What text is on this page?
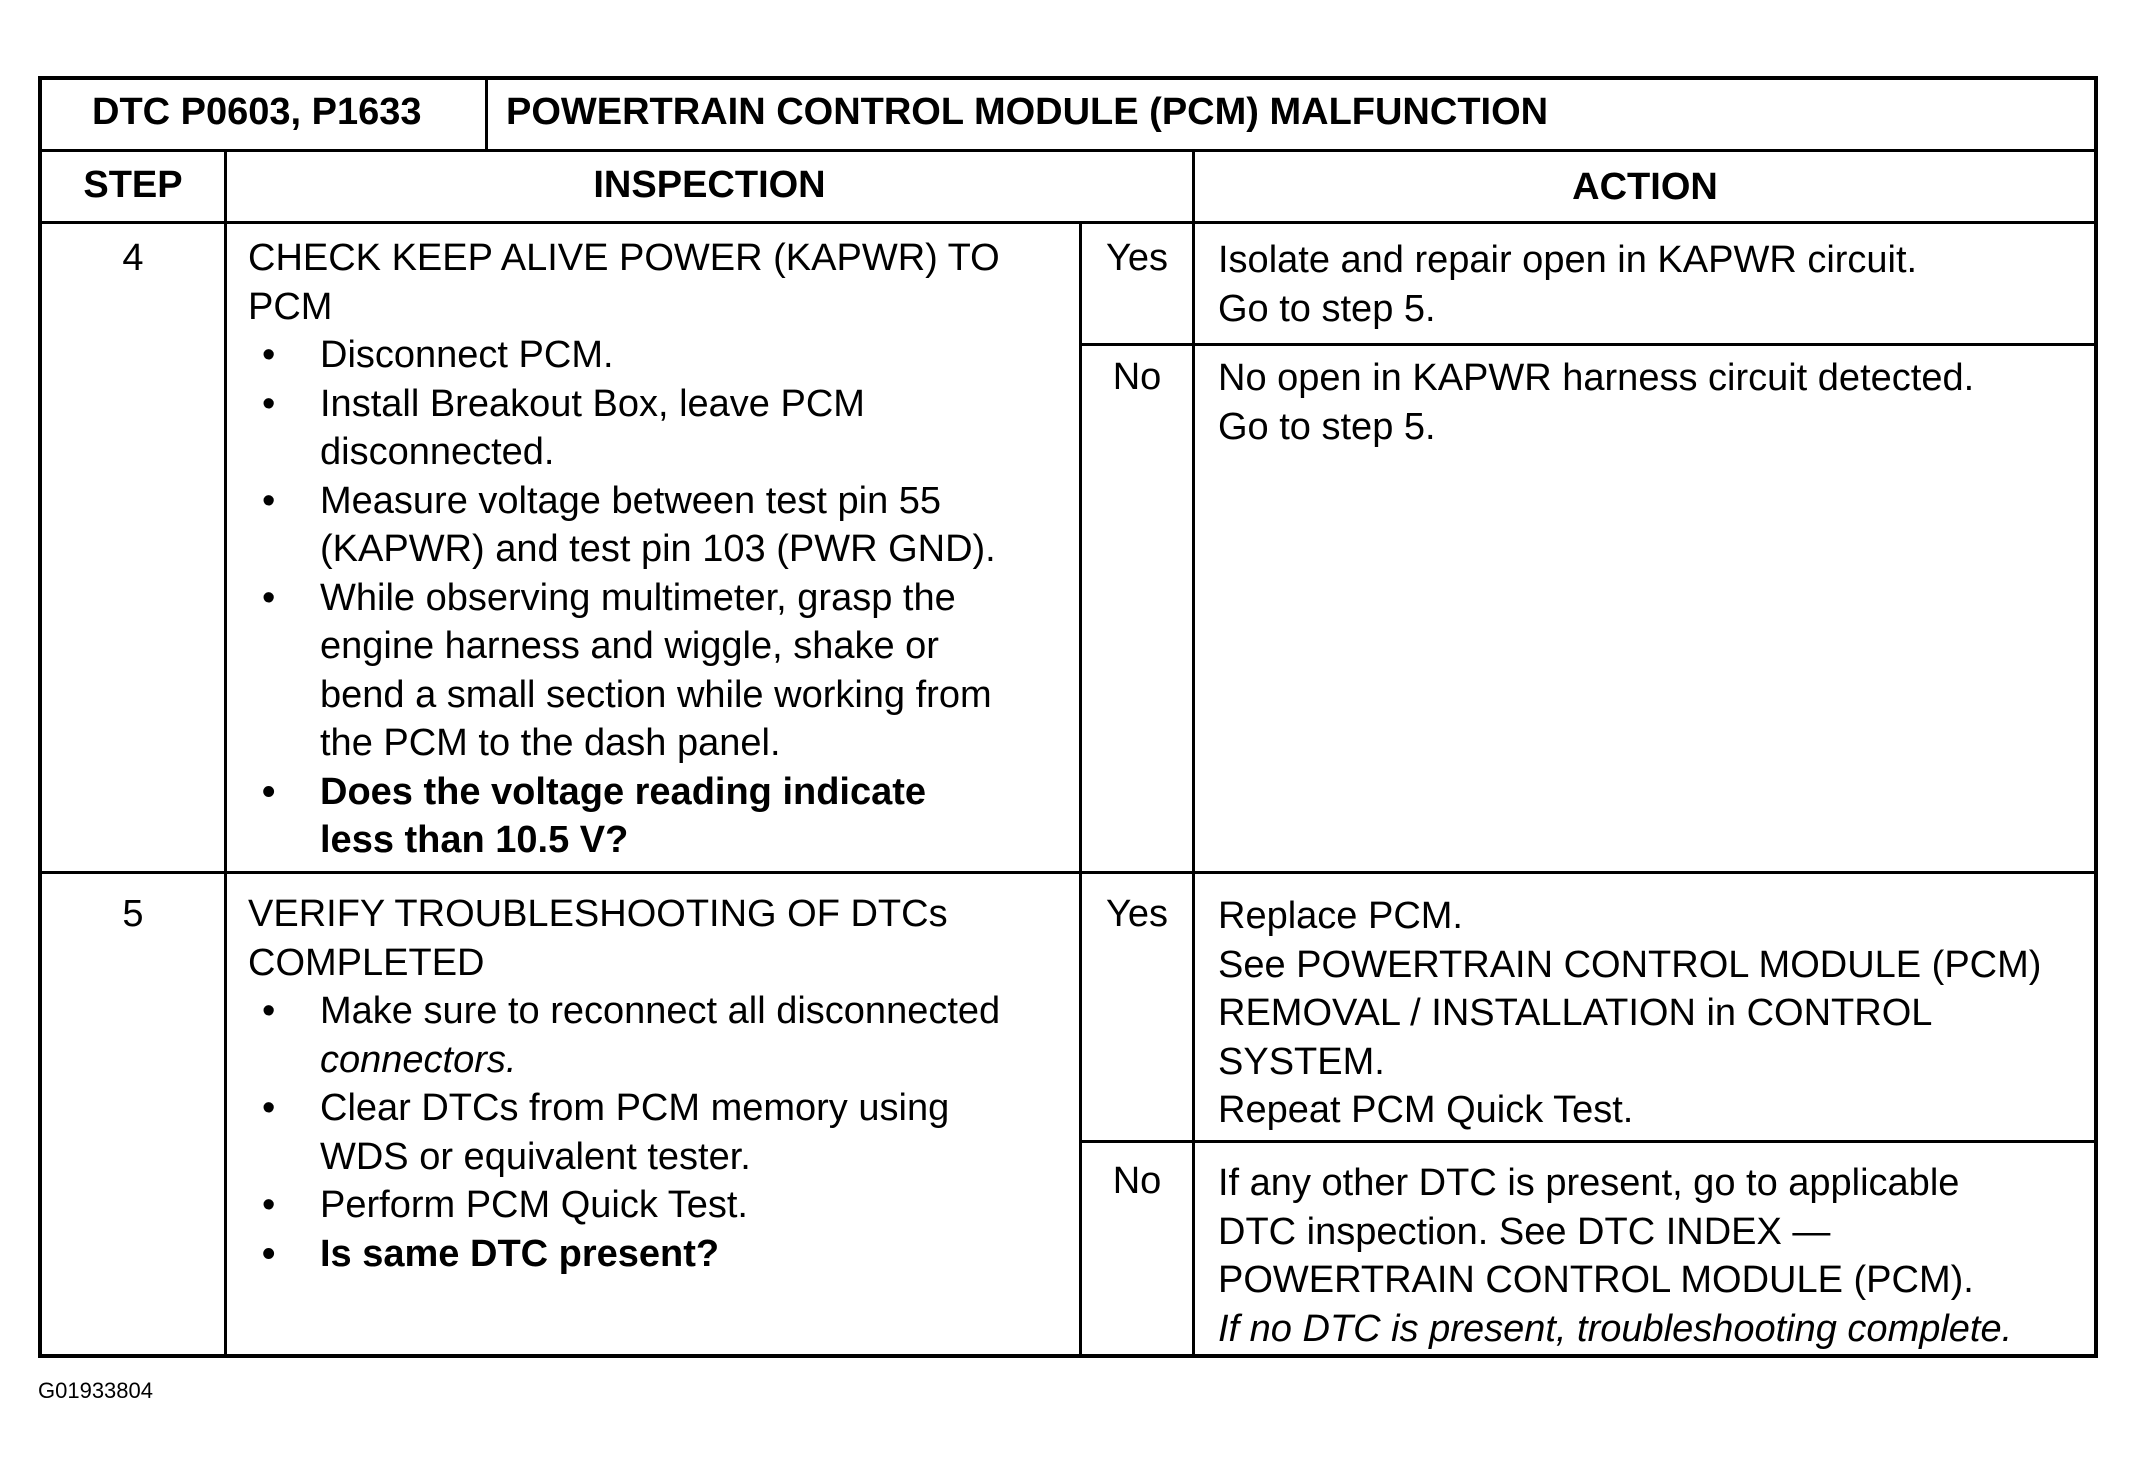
DTC P0603, P1633 POWERTRAIN CONTROL MODULE (PCM) MALFUNCTION
STEP	INSPECTION	ACTION
4	CHECK KEEP ALIVE POWER (KAPWR) TO
PCM
• Disconnect PCM.
• Install Breakout Box, leave PCM
disconnected.
• Measure voltage between test pin 55
(KAPWR) and test pin 103 (PWR GND).
• While observing multimeter, grasp the
engine harness and wiggle, shake or
bend a small section while working from
the PCM to the dash panel.
• Does the voltage reading indicate
less than 10.5 V?
Yes	Isolate and repair open in KAPWR circuit.
Go to step 5.
No	No open in KAPWR harness circuit detected.
Go to step 5.
5	VERIFY TROUBLESHOOTING OF DTCs
COMPLETED
• Make sure to reconnect all disconnected
connectors.
• Clear DTCs from PCM memory using
WDS or equivalent tester.
• Perform PCM Quick Test.
• Is same DTC present?
Yes	Replace PCM.
See POWERTRAIN CONTROL MODULE (PCM)
REMOVAL / INSTALLATION in CONTROL
SYSTEM.
Repeat PCM Quick Test.
No	If any other DTC is present, go to applicable
DTC inspection. See DTC INDEX —
POWERTRAIN CONTROL MODULE (PCM).
If no DTC is present, troubleshooting complete.
G01933804
